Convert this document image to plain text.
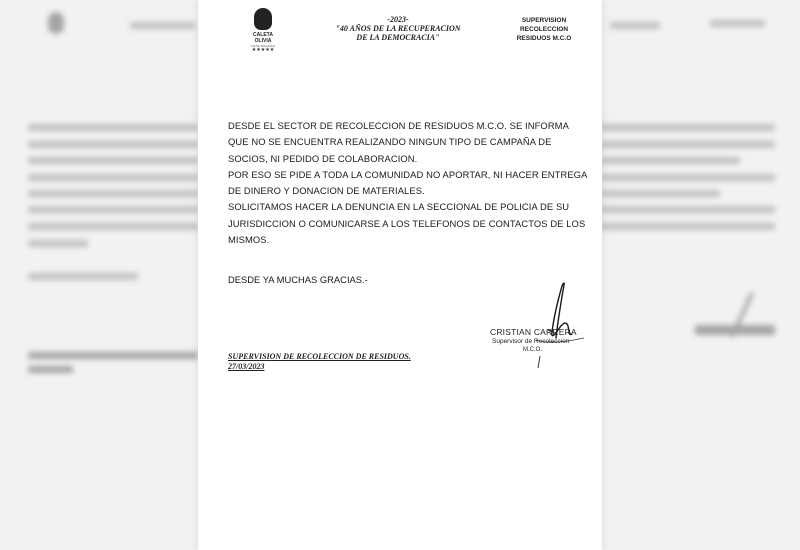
CALETA OLIVIA
MUNICIPALIDAD
★★★★★
-2023-
"40 AÑOS DE LA RECUPERACION
DE LA DEMOCRACIA"
SUPERVISION
RECOLECCION
RESIDUOS M.C.O

DESDE EL SECTOR DE RECOLECCION DE RESIDUOS M.C.O. SE INFORMA QUE NO SE ENCUENTRA REALIZANDO NINGUN TIPO DE CAMPAÑA DE SOCIOS, NI PEDIDO DE COLABORACION.

POR ESO SE PIDE A TODA LA COMUNIDAD NO APORTAR, NI HACER ENTREGA DE DINERO Y DONACION DE MATERIALES.

SOLICITAMOS HACER LA DENUNCIA EN LA SECCIONAL DE POLICIA DE SU JURISDICCION O COMUNICARSE A LOS TELEFONOS DE CONTACTOS DE LOS MISMOS.

DESDE YA MUCHAS GRACIAS.-
CRISTIAN CARRERA
Supervisor de Recoleccion
M.C.O.
SUPERVISION DE RECOLECCION DE RESIDUOS.
27/03/2023
